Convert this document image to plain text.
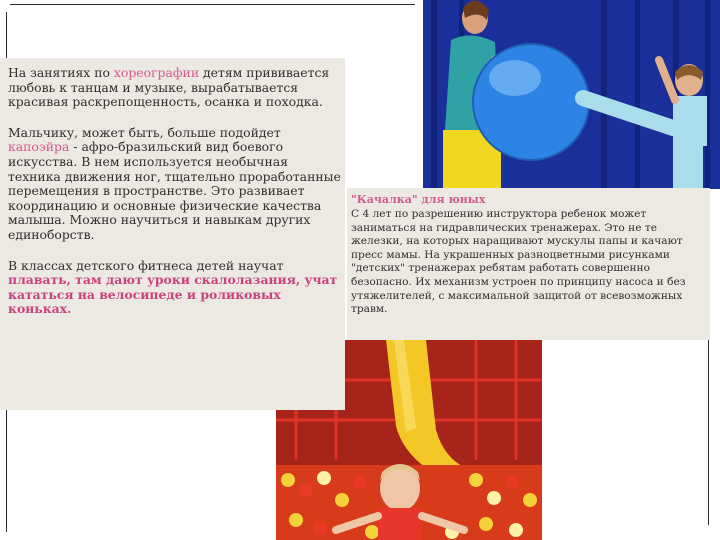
На занятиях по хореографии детям прививается любовь к танцам и музыке, вырабатывается красивая раскрепощенность, осанка и походка.

Мальчику, может быть, больше подойдет капоэйра - афро-бразильский вид боевого искусства. В нем используется необычная техника движения ног, тщательно проработанные перемещения в пространстве. Это развивает координацию и основные физические качества малыша. Можно научиться и навыкам других единоборств.

В классах детского фитнеса детей научат плавать, там дают уроки скалолазания, учат кататься на велосипеде и роликовых коньках.

"Качалка" для юных
С 4 лет по разрешению инструктора ребенок может заниматься на гидравлических тренажерах. Это не те железки, на которых наращивают мускулы папы и качают пресс мамы. На украшенных разноцветными рисунками "детских" тренажерах ребятам работать совершенно безопасно. Их механизм устроен по принципу насоса и без утяжелителей, с максимальной защитой от всевозможных травм.
